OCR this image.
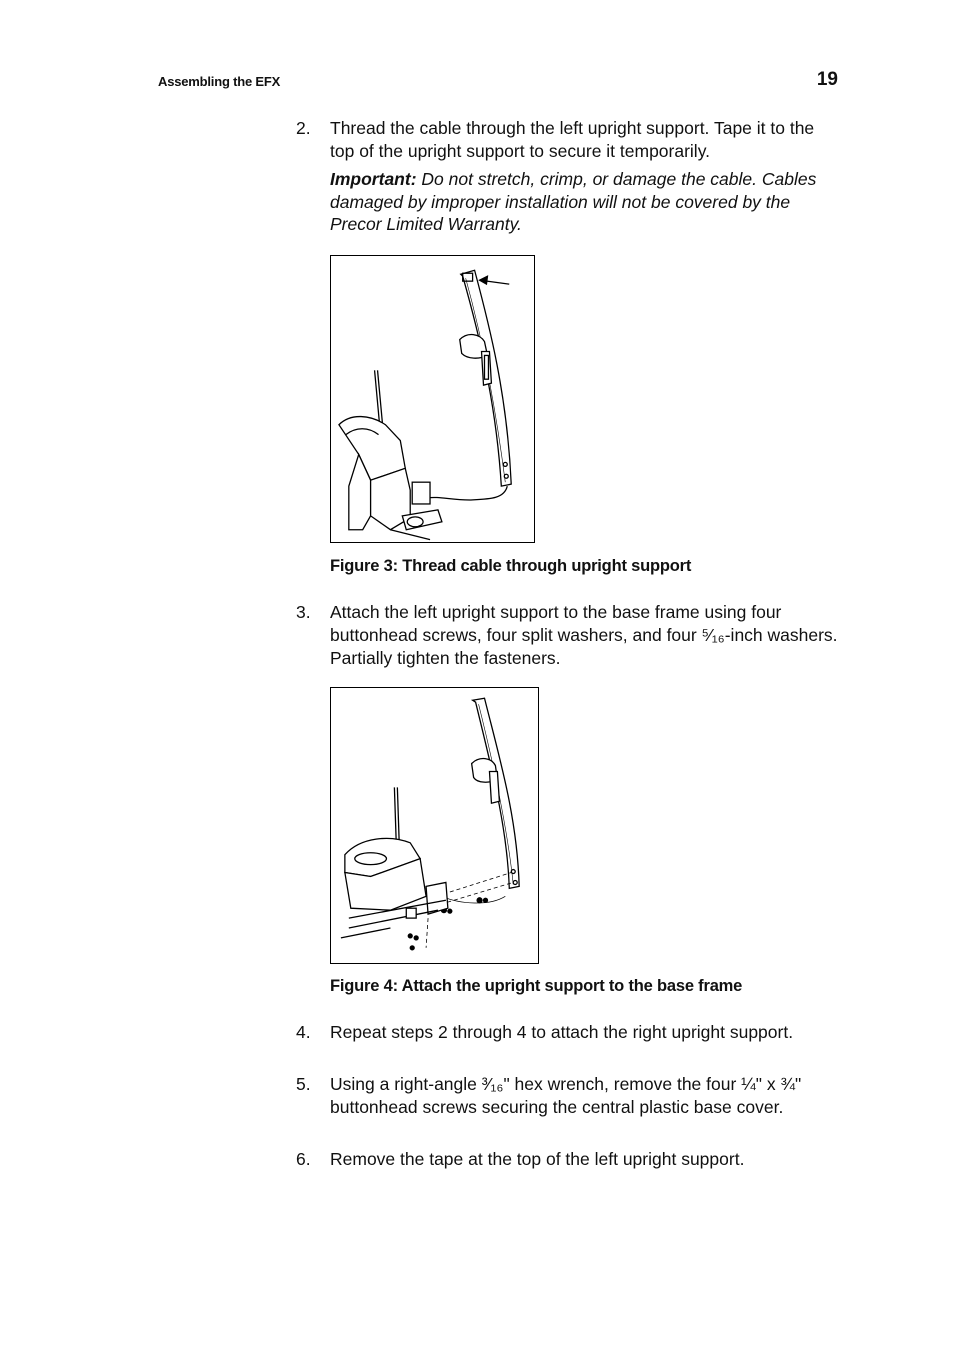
Assembling the EFX	19
2. Thread the cable through the left upright support. Tape it to the top of the upright support to secure it temporarily.
Important: Do not stretch, crimp, or damage the cable. Cables damaged by improper installation will not be covered by the Precor Limited Warranty.
Figure 3: Thread cable through upright support
3. Attach the left upright support to the base frame using four buttonhead screws, four split washers, and four ⁵⁄₁₆-inch washers. Partially tighten the fasteners.
Figure 4: Attach the upright support to the base frame
4. Repeat steps 2 through 4 to attach the right upright support.
5. Using a right-angle ³⁄₁₆" hex wrench, remove the four ¼" x ¾" buttonhead screws securing the central plastic base cover.
6. Remove the tape at the top of the left upright support.
